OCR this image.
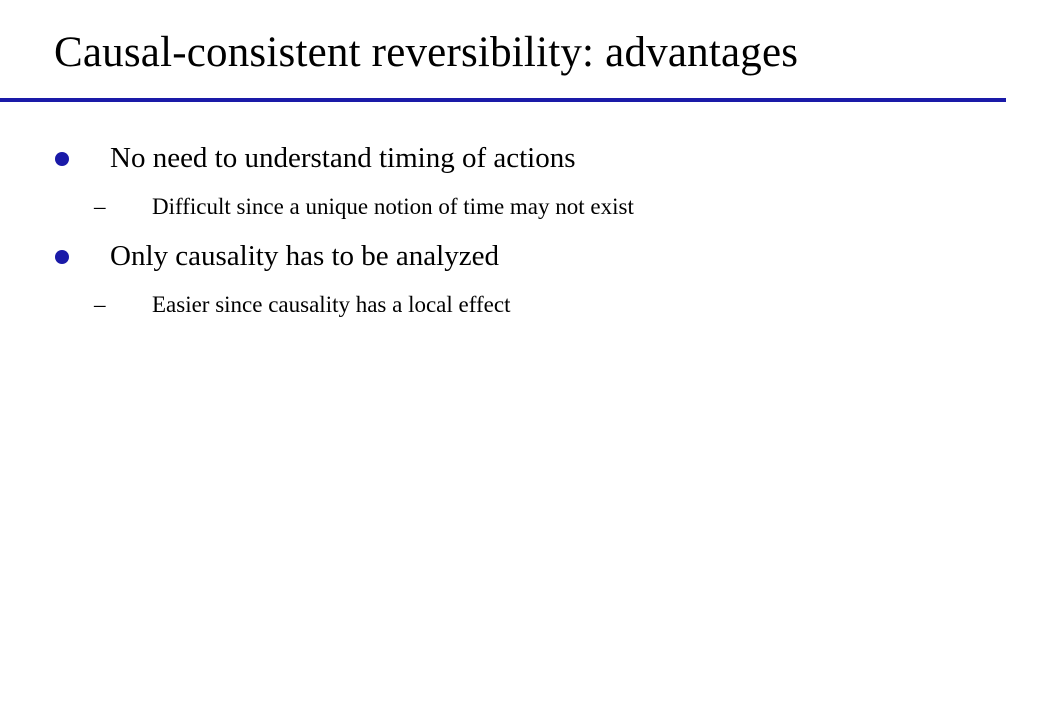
Causal-consistent reversibility: advantages
No need to understand timing of actions
– Difficult since a unique notion of time may not exist
Only causality has to be analyzed
– Easier since causality has a local effect
